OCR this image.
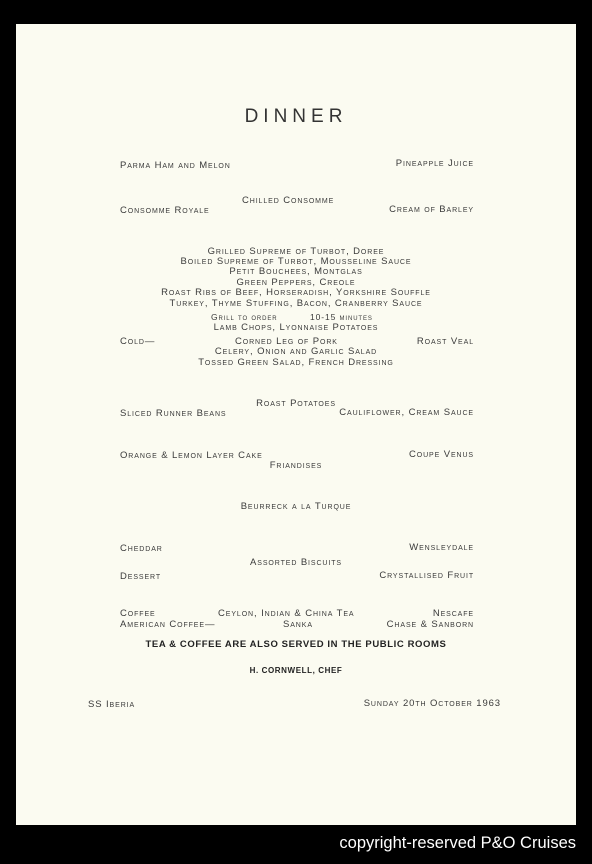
DINNER
Parma Ham and Melon	Pineapple Juice
Chilled Consomme
Consomme Royale	Cream of Barley
Grilled Supreme of Turbot, Doree
Boiled Supreme of Turbot, Mousseline Sauce
Petit Bouchees, Montglas
Green Peppers, Creole
Roast Ribs of Beef, Horseradish, Yorkshire Souffle
Turkey, Thyme Stuffing, Bacon, Cranberry Sauce
Grill to order	10-15 minutes
Lamb Chops, Lyonnaise Potatoes
Cold—	Corned Leg of Pork	Roast Veal
Celery, Onion and Garlic Salad
Tossed Green Salad, French Dressing
Roast Potatoes
Sliced Runner Beans	Cauliflower, Cream Sauce
Orange & Lemon Layer Cake	Coupe Venus
Friandises
Beurreck a la Turque
Cheddar	Wensleydale
Assorted Biscuits
Dessert	Crystallised Fruit
Coffee	Ceylon, Indian & China Tea	Nescafe
American Coffee—	Sanka	Chase & Sanborn
TEA & COFFEE ARE ALSO SERVED IN THE PUBLIC ROOMS
H. CORNWELL, CHEF
SS Iberia	Sunday 20th October 1963
copyright-reserved P&O Cruises
